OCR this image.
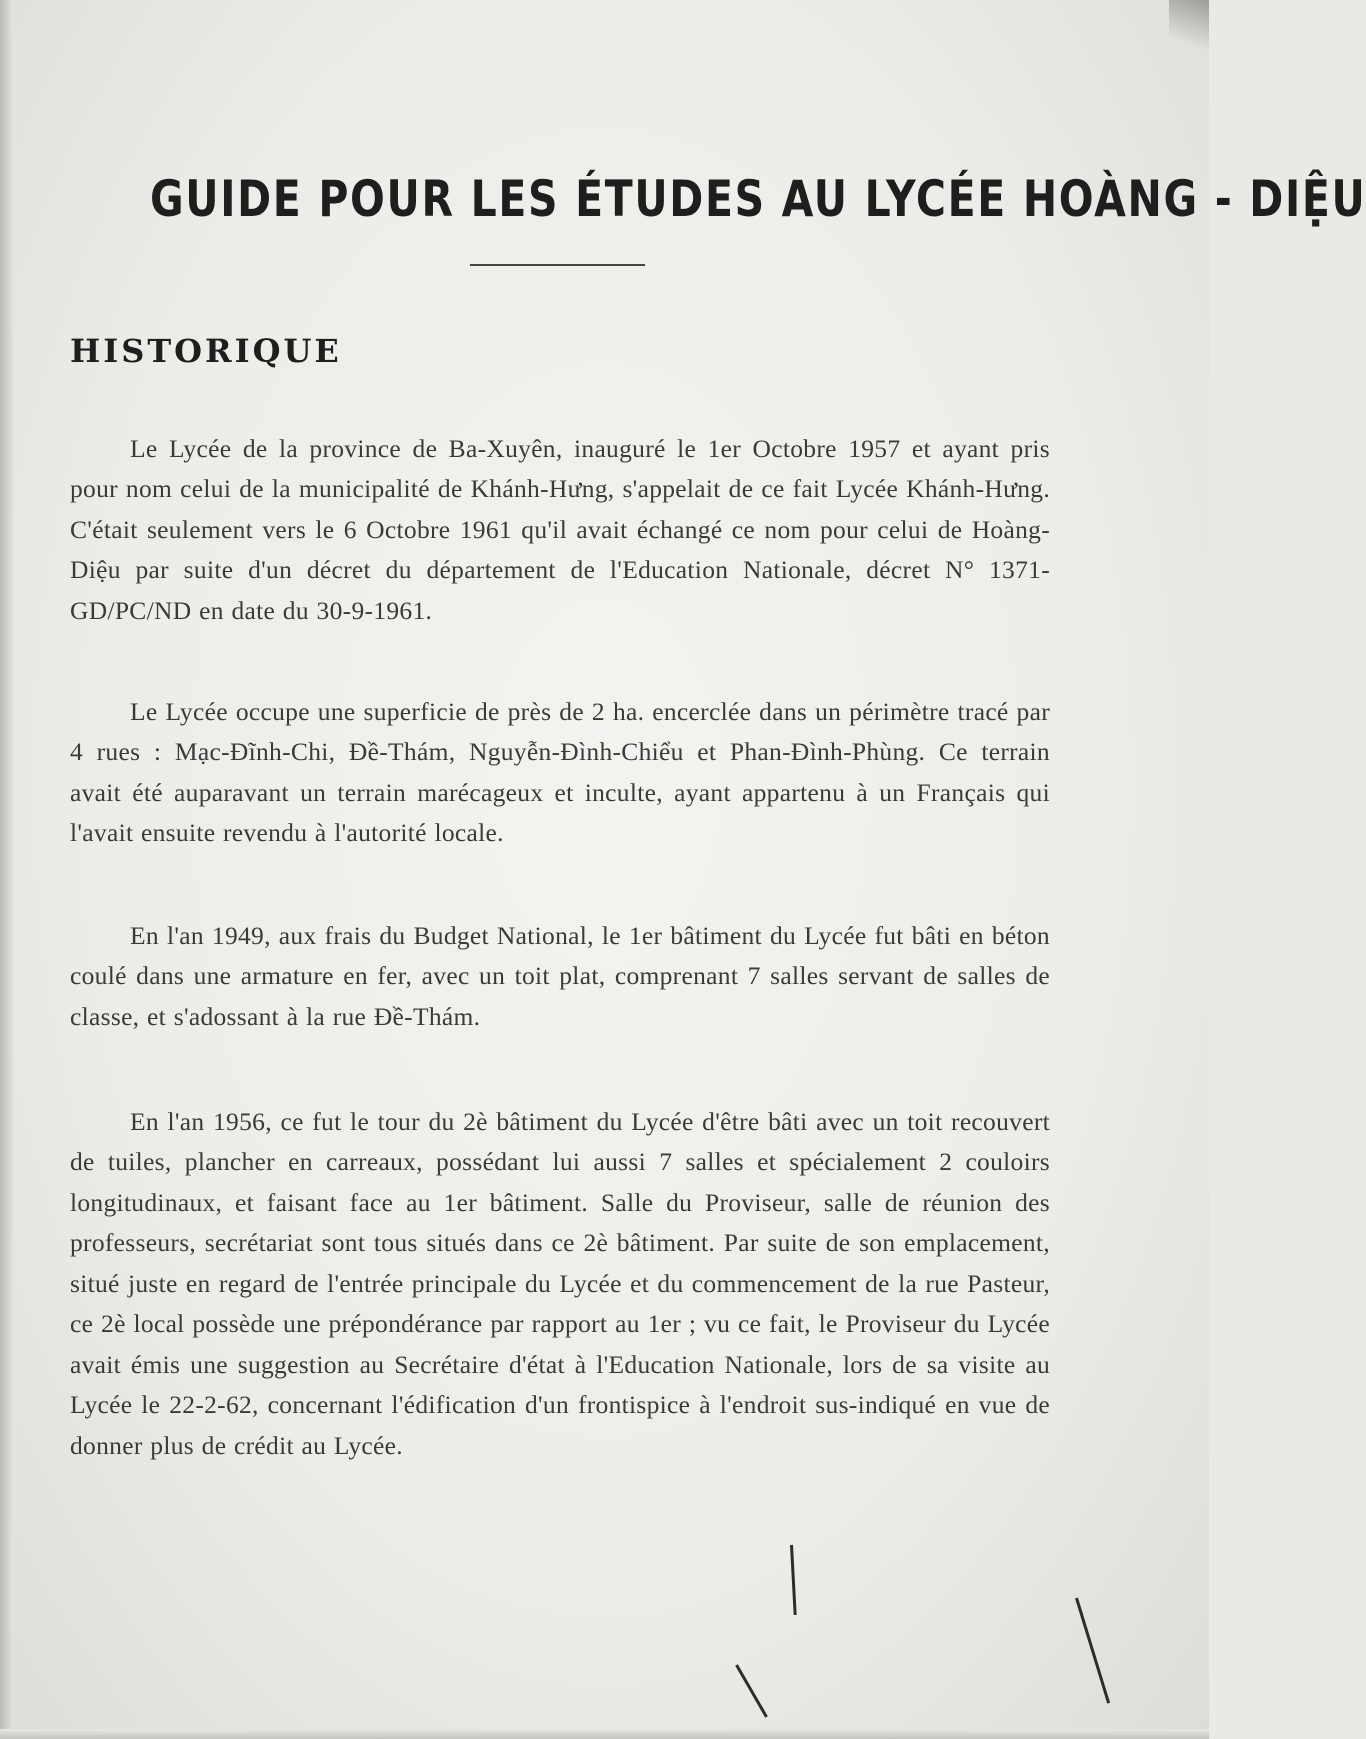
GUIDE POUR LES ÉTUDES AU LYCÉE HOÀNG - DIỆU
HISTORIQUE

Le Lycée de la province de Ba-Xuyên, inauguré le 1er Octobre 1957 et ayant pris pour nom celui de la municipalité de Khánh-Hưng, s'appelait de ce fait Lycée Khánh-Hưng. C'était seulement vers le 6 Octobre 1961 qu'il avait échangé ce nom pour celui de Hoàng-Diệu par suite d'un décret du département de l'Education Nationale, décret N° 1371-GD/PC/ND en date du 30-9-1961.

Le Lycée occupe une superficie de près de 2 ha. encerclée dans un périmètre tracé par 4 rues : Mạc-Đĩnh-Chi, Đề-Thám, Nguyễn-Đình-Chiểu et Phan-Đình-Phùng. Ce terrain avait été auparavant un terrain marécageux et inculte, ayant appartenu à un Français qui l'avait ensuite revendu à l'autorité locale.

En l'an 1949, aux frais du Budget National, le 1er bâtiment du Lycée fut bâti en béton coulé dans une armature en fer, avec un toit plat, comprenant 7 salles servant de salles de classe, et s'adossant à la rue Đề-Thám.

En l'an 1956, ce fut le tour du 2è bâtiment du Lycée d'être bâti avec un toit recouvert de tuiles, plancher en carreaux, possédant lui aussi 7 salles et spécialement 2 couloirs longitudinaux, et faisant face au 1er bâtiment. Salle du Proviseur, salle de réunion des professeurs, secrétariat sont tous situés dans ce 2è bâtiment. Par suite de son emplacement, situé juste en regard de l'entrée principale du Lycée et du commencement de la rue Pasteur, ce 2è local possède une prépondérance par rapport au 1er ; vu ce fait, le Proviseur du Lycée avait émis une suggestion au Secrétaire d'état à l'Education Nationale, lors de sa visite au Lycée le 22-2-62, concernant l'édification d'un frontispice à l'endroit sus-indiqué en vue de donner plus de crédit au Lycée.
